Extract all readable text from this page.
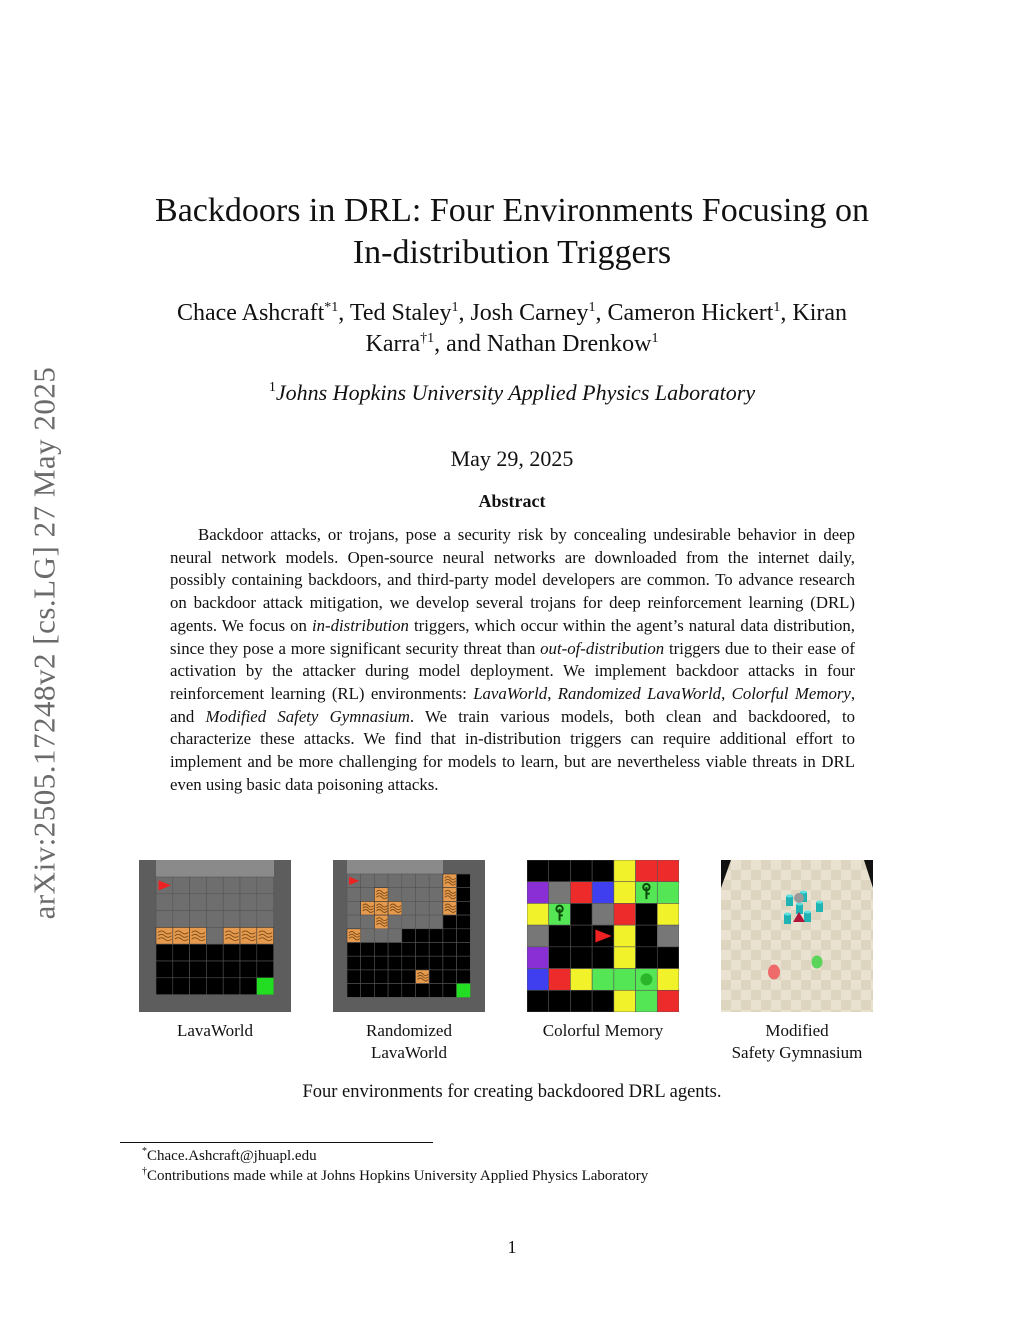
arXiv:2505.17248v2 [cs.LG] 27 May 2025
Backdoors in DRL: Four Environments Focusing on
In-distribution Triggers
Chace Ashcraft$^{*1}$, Ted Staley$^1$, Josh Carney$^1$, Cameron Hickert$^1$, Kiran
Karra$^{\dagger 1}$, and Nathan Drenkow$^1$
$^1$Johns Hopkins University Applied Physics Laboratory
May 29, 2025
Abstract

Backdoor attacks, or trojans, pose a security risk by concealing undesirable behavior in deep neural network models. Open-source neural networks are downloaded from the internet daily, possibly containing backdoors, and third-party model developers are common. To advance research on backdoor attack mitigation, we develop several trojans for deep reinforcement learning (DRL) agents. We focus on in-distribution triggers, which occur within the agent’s natural data distribution, since they pose a more significant security threat than out-of-distribution triggers due to their ease of activation by the attacker during model deployment. We implement backdoor attacks in four reinforcement learning (RL) environments: LavaWorld, Randomized LavaWorld, Colorful Memory, and Modified Safety Gymnasium. We train various models, both clean and backdoored, to characterize these attacks. We find that in-distribution triggers can require additional effort to implement and be more challenging for models to learn, but are nevertheless viable threats in DRL even using basic data poisoning attacks.

LavaWorld	Randomized
LavaWorld
Colorful Memory	Modified
Safety Gymnasium
Four environments for creating backdoored DRL agents.
*Chace.Ashcraft@jhuapl.edu
†Contributions made while at Johns Hopkins University Applied Physics Laboratory
1
